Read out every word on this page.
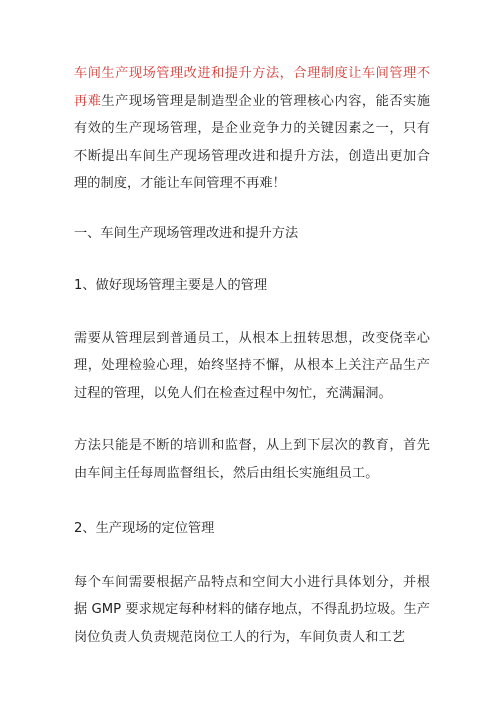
车间生产现场管理改进和提升方法，合理制度让车间管理不再难生产现场管理是制造型企业的管理核心内容，能否实施有效的生产现场管理，是企业竞争力的关键因素之一，只有不断提出车间生产现场管理改进和提升方法，创造出更加合理的制度，才能让车间管理不再难！

一、车间生产现场管理改进和提升方法

1、做好现场管理主要是人的管理

需要从管理层到普通员工，从根本上扭转思想，改变侥幸心理，处理检验心理，始终坚持不懈，从根本上关注产品生产过程的管理，以免人们在检查过程中匆忙，充满漏洞。

方法只能是不断的培训和监督，从上到下层次的教育，首先由车间主任每周监督组长，然后由组长实施组员工。

2、生产现场的定位管理

每个车间需要根据产品特点和空间大小进行具体划分，并根据 GMP 要求规定每种材料的储存地点，不得乱扔垃圾。生产岗位负责人负责规范岗位工人的行为，车间负责人和工艺
